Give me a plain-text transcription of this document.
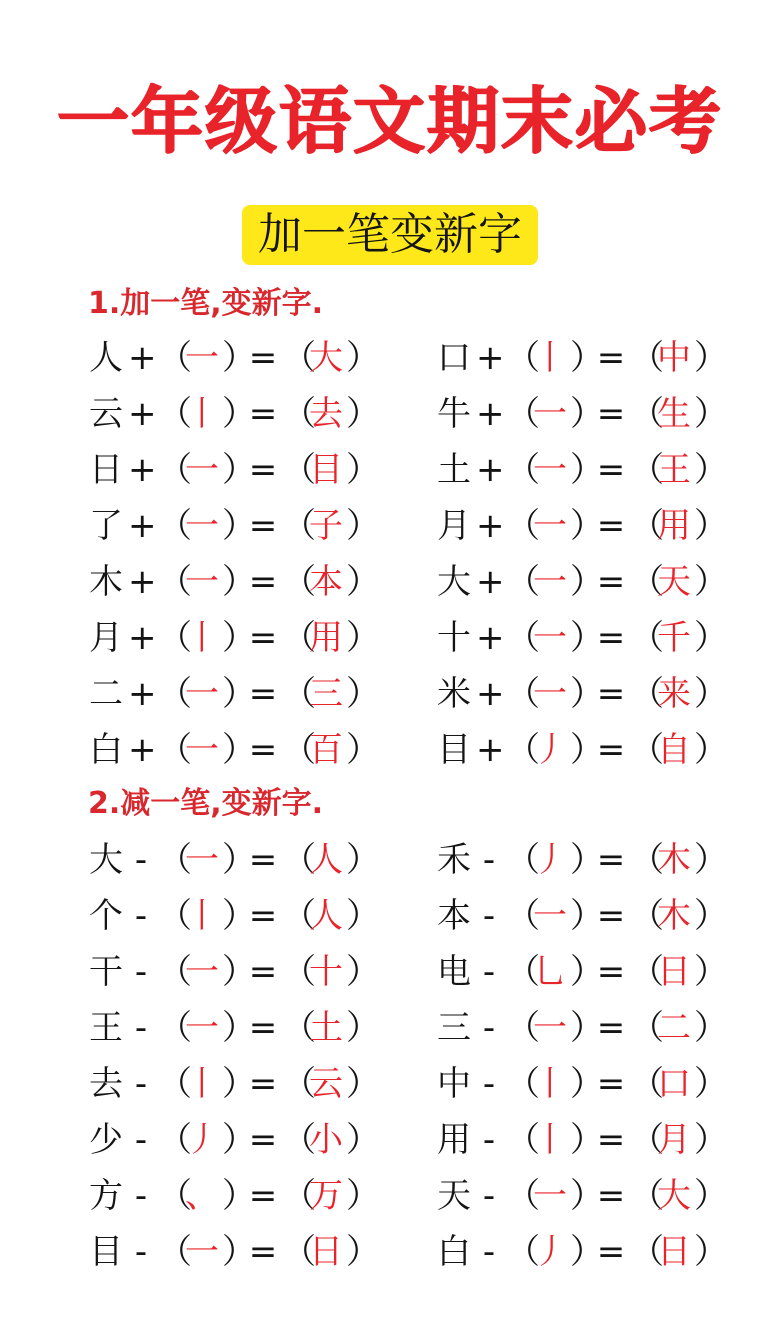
一年级语文期末必考
加一笔变新字
1.加一笔,变新字.
人 + （
一 ）
= （
大 ） 口 + （
丨 ）
= （
中 ）
云 + （
丨 ）
= （
去 ） 牛 + （
一 ）
= （
生 ）
日 + （
一 ）
= （
目 ） 土 + （
一 ）
= （
王 ）
了 + （
一 ）
= （
子 ） 月 + （
一 ）
= （
用 ）
木 + （
一 ）
= （
本 ） 大 + （
一 ）
= （
天 ）
月 + （
丨 ）
= （
用 ） 十 + （
一 ）
= （
千 ）
二 + （
一 ）
= （
三 ） 米 + （
一 ）
= （
来 ）
白 + （
一 ）
= （
百 ） 目 + （
丿 ）
= （
自 ）
2.减一笔,变新字.
大 - （
一 ）
= （
人 ） 禾 - （
丿 ）
= （
木 ）
个 - （
丨 ）
= （
人 ） 本 - （
一 ）
= （
木 ）
干 - （
一 ）
= （
十 ） 电 - （
乚 ）
= （
日 ）
王 - （
一 ）
= （
土 ） 三 - （
一 ）
= （
二 ）
去 - （
丨 ）
= （
云 ） 中 - （
丨 ）
= （
口 ）
少 - （
丿 ）
= （
小 ） 用 - （
丨 ）
= （
月 ）
方 - （
、 ）
= （
万 ） 天 - （
一 ）
= （
大 ）
目 - （
一 ）
= （
日 ） 白 - （
丿 ）
= （
日 ）
